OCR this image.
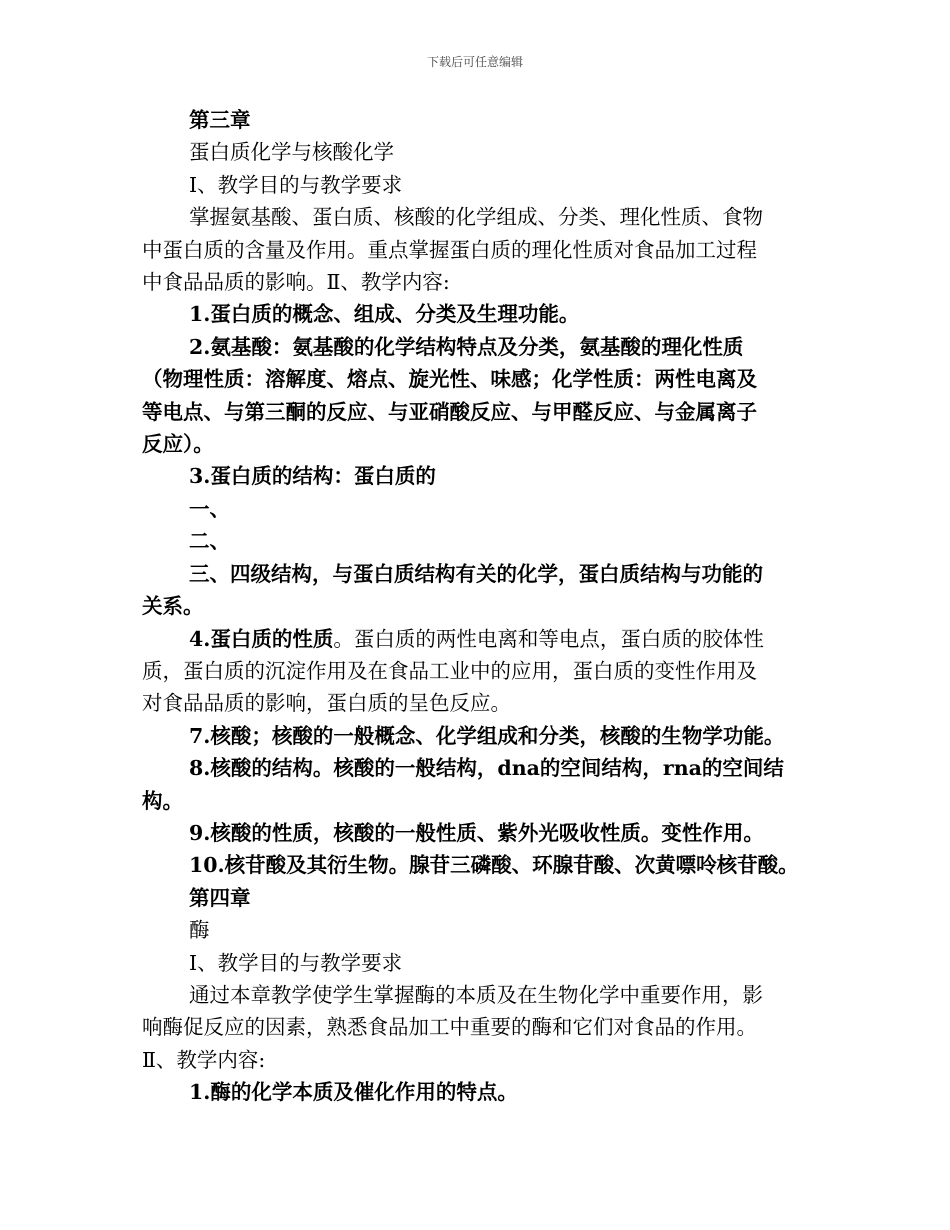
下载后可任意编辑

第三章

蛋白质化学与核酸化学

Ⅰ、教学目的与教学要求

掌握氨基酸、蛋白质、核酸的化学组成、分类、理化性质、食物

中蛋白质的含量及作用。重点掌握蛋白质的理化性质对食品加工过程

中食品品质的影响。Ⅱ、教学内容:

1.蛋白质的概念、组成、分类及生理功能。

2.氨基酸：氨基酸的化学结构特点及分类，氨基酸的理化性质

（物理性质：溶解度、熔点、旋光性、味感；化学性质：两性电离及

等电点、与第三酮的反应、与亚硝酸反应、与甲醛反应、与金属离子

反应）。

3.蛋白质的结构：蛋白质的

一、

二、

三、四级结构，与蛋白质结构有关的化学，蛋白质结构与功能的

关系。

4.蛋白质的性质。蛋白质的两性电离和等电点，蛋白质的胶体性

质，蛋白质的沉淀作用及在食品工业中的应用，蛋白质的变性作用及

对食品品质的影响，蛋白质的呈色反应。

7.核酸；核酸的一般概念、化学组成和分类，核酸的生物学功能。

8.核酸的结构。核酸的一般结构，dna的空间结构，rna的空间结

构。

9.核酸的性质，核酸的一般性质、紫外光吸收性质。变性作用。

10.核苷酸及其衍生物。腺苷三磷酸、环腺苷酸、次黄嘌呤核苷酸。

第四章

酶

Ⅰ、教学目的与教学要求

通过本章教学使学生掌握酶的本质及在生物化学中重要作用，影

响酶促反应的因素，熟悉食品加工中重要的酶和它们对食品的作用。

Ⅱ、教学内容:

1.酶的化学本质及催化作用的特点。
